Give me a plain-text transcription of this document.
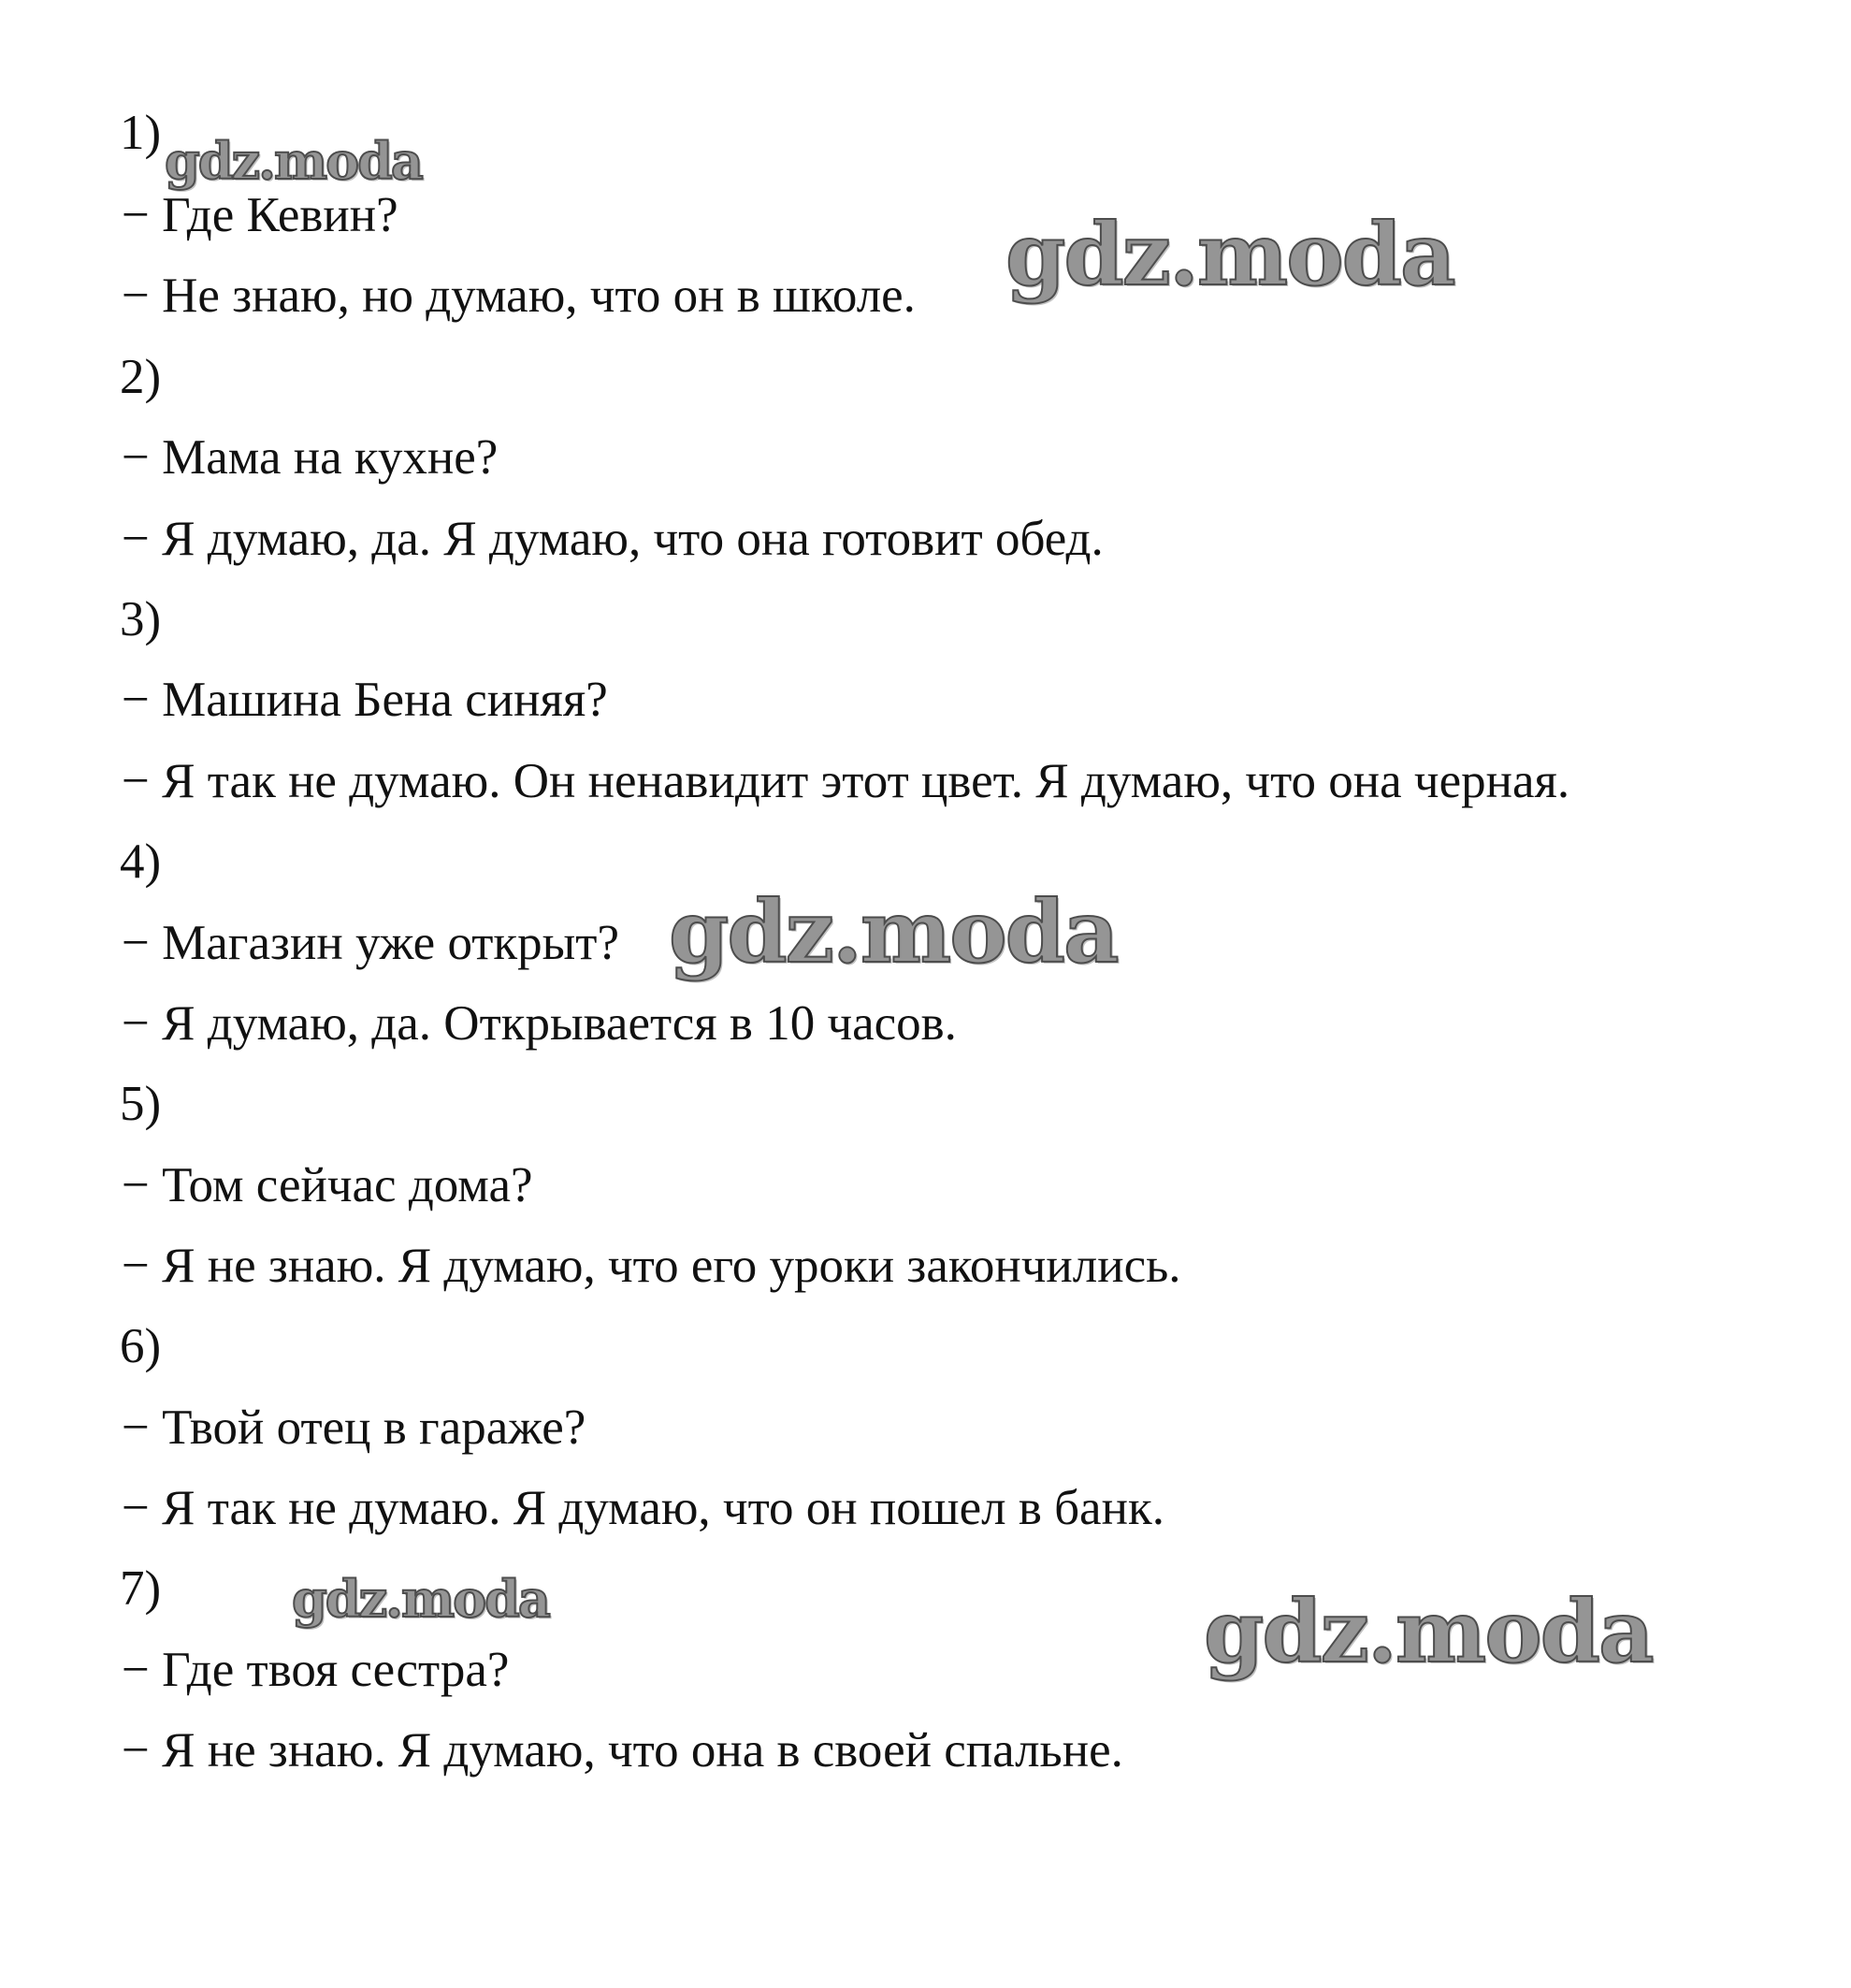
1)
− Где Кевин?
− Не знаю, но думаю, что он в школе.
2)
− Мама на кухне?
− Я думаю, да. Я думаю, что она готовит обед.
3)
− Машина Бена синяя?
− Я так не думаю. Он ненавидит этот цвет. Я думаю, что она черная.
4)
− Магазин уже открыт?
− Я думаю, да. Открывается в 10 часов.
5)
− Том сейчас дома?
− Я не знаю. Я думаю, что его уроки закончились.
6)
− Твой отец в гараже?
− Я так не думаю. Я думаю, что он пошел в банк.
7)
− Где твоя сестра?
− Я не знаю. Я думаю, что она в своей спальне.
gdz.moda
gdz.moda
gdz.moda
gdz.moda	gdz.moda
